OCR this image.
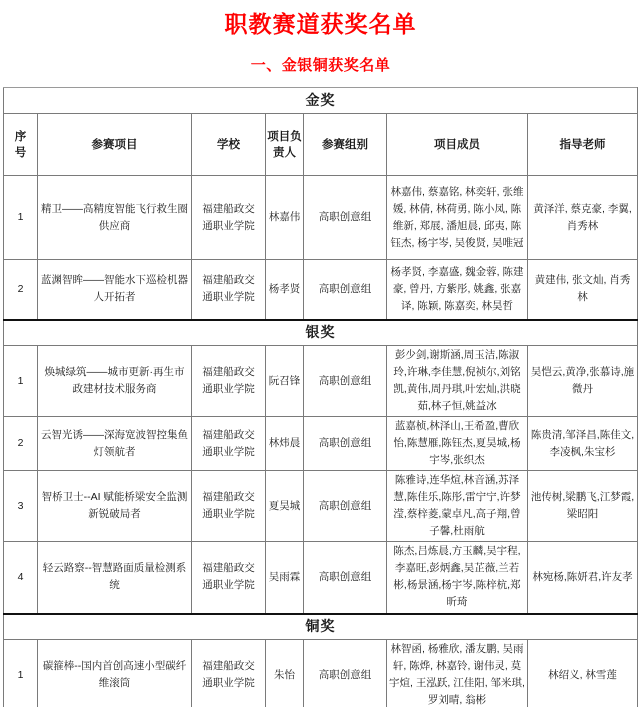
职教赛道获奖名单
一、金银铜获奖名单
金奖						
序号	参赛项目	学校	项目负责人	参赛组别	项目成员	指导老师
1	精卫——高精度智能飞行救生圈供应商	福建船政交通职业学院	林嘉伟	高职创意组	林嘉伟, 蔡嘉铭, 林奕轩, 张维媛, 林倩, 林荷勇, 陈小凤, 陈维新, 郑展, 潘旭晨, 邱夷, 陈钰杰, 杨宇岑, 吴俊贤, 吴唯冠	黄泽洋, 蔡克豪, 李翼, 肖秀林
2	蓝渊智眸——智能水下巡检机器人开拓者	福建船政交通职业学院	杨孝贤	高职创意组	杨孝贤, 李嘉盛, 魏金蓉, 陈建豪, 曾丹, 方紫彤, 姚鑫, 张嘉译, 陈颖, 陈嘉奕, 林昊哲	黄建伟, 张文灿, 肖秀林
银奖						
1	焕城绿筑——城市更新·再生市政建材技术服务商	福建船政交通职业学院	阮召锋	高职创意组	彭少剑,谢斯涵,周玉洁,陈淑玲,许琳,李佳慧,倪祯尔,刘铭凯,黄伟,周丹琪,叶宏灿,洪晓茹,林子恒,姚益冰	吴恺云,黄净,张慕诗,施微丹
2	云智光诱——深海宽波智控集鱼灯领航者	福建船政交通职业学院	林炜晨	高职创意组	蓝嘉桢,林泽山,王希盈,曹欣怡,陈慧雁,陈钰杰,夏昊城,杨宇岑,张织杰	陈贵清,邹泽昌,陈佳文,李凌枫,朱宝杉
3	智桥卫士--AI 赋能桥梁安全监测新锐破局者	福建船政交通职业学院	夏昊城	高职创意组	陈雅诗,连华煊,林音涵,苏泽慧,陈佳乐,陈彤,雷宁宁,许梦滢,蔡梓菱,蒙卓凡,高子翔,曾子馨,杜雨航	池传树,梁鹏飞,江梦霞,梁昭阳
4	轻云路察--智慧路面质量检测系统	福建船政交通职业学院	吴雨霖	高职创意组	陈杰,吕炼晨,方玉麟,吴宇程,李嘉旺,彭炳鑫,吴芷薇,兰若彬,杨景涵,杨宇岑,陈梓杭,郑昕琦	林宛杨,陈妍君,许友孝
铜奖						
1	碳箍棒--国内首创高速小型碳纤维滚筒	福建船政交通职业学院	朱怡	高职创意组	林智函, 杨雅欣, 潘友鹏, 吴雨轩, 陈烨, 林嘉铃, 谢伟灵, 莫宇煊, 王泓跃, 江佳阳, 邹米琪, 罗刘晴, 翁彬	林绍义, 林雪莲
